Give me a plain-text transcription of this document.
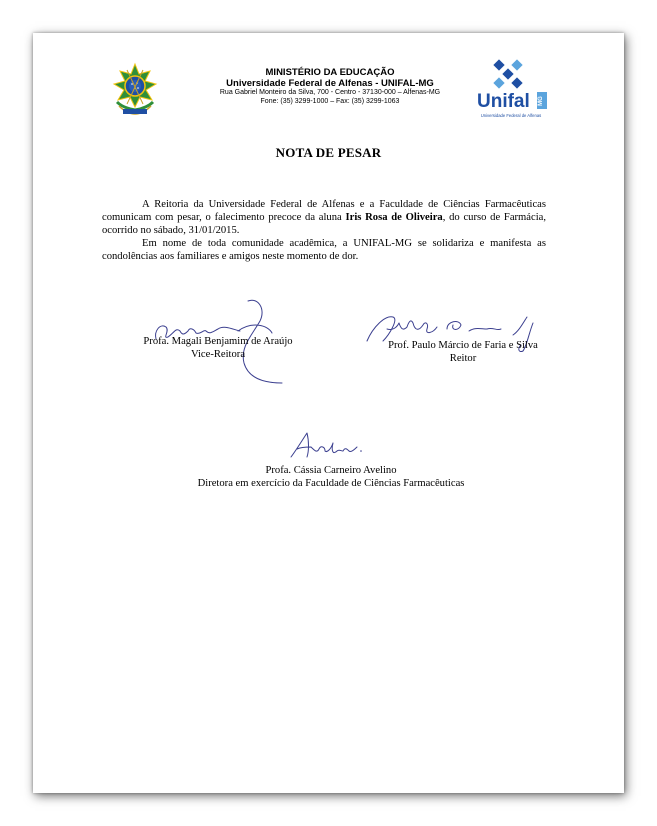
MINISTÉRIO DA EDUCAÇÃO
Universidade Federal de Alfenas - UNIFAL-MG
Rua Gabriel Monteiro da Silva, 700 - Centro - 37130-000 – Alfenas-MG
Fone: (35) 3299-1000 – Fax: (35) 3299-1063	Unifal MG
Universidade Federal de Alfenas
NOTA DE PESAR

A Reitoria da Universidade Federal de Alfenas e a Faculdade de Ciências Farmacêuticas comunicam com pesar, o falecimento precoce da aluna Iris Rosa de Oliveira, do curso de Farmácia, ocorrido no sábado, 31/01/2015.

Em nome de toda comunidade acadêmica, a UNIFAL-MG se solidariza e manifesta as condolências aos familiares e amigos neste momento de dor.

Profa. Magali Benjamim de Araújo
Vice-Reitora
Prof. Paulo Márcio de Faria e Silva
Reitor
Profa. Cássia Carneiro Avelino
Diretora em exercício da Faculdade de Ciências Farmacêuticas
